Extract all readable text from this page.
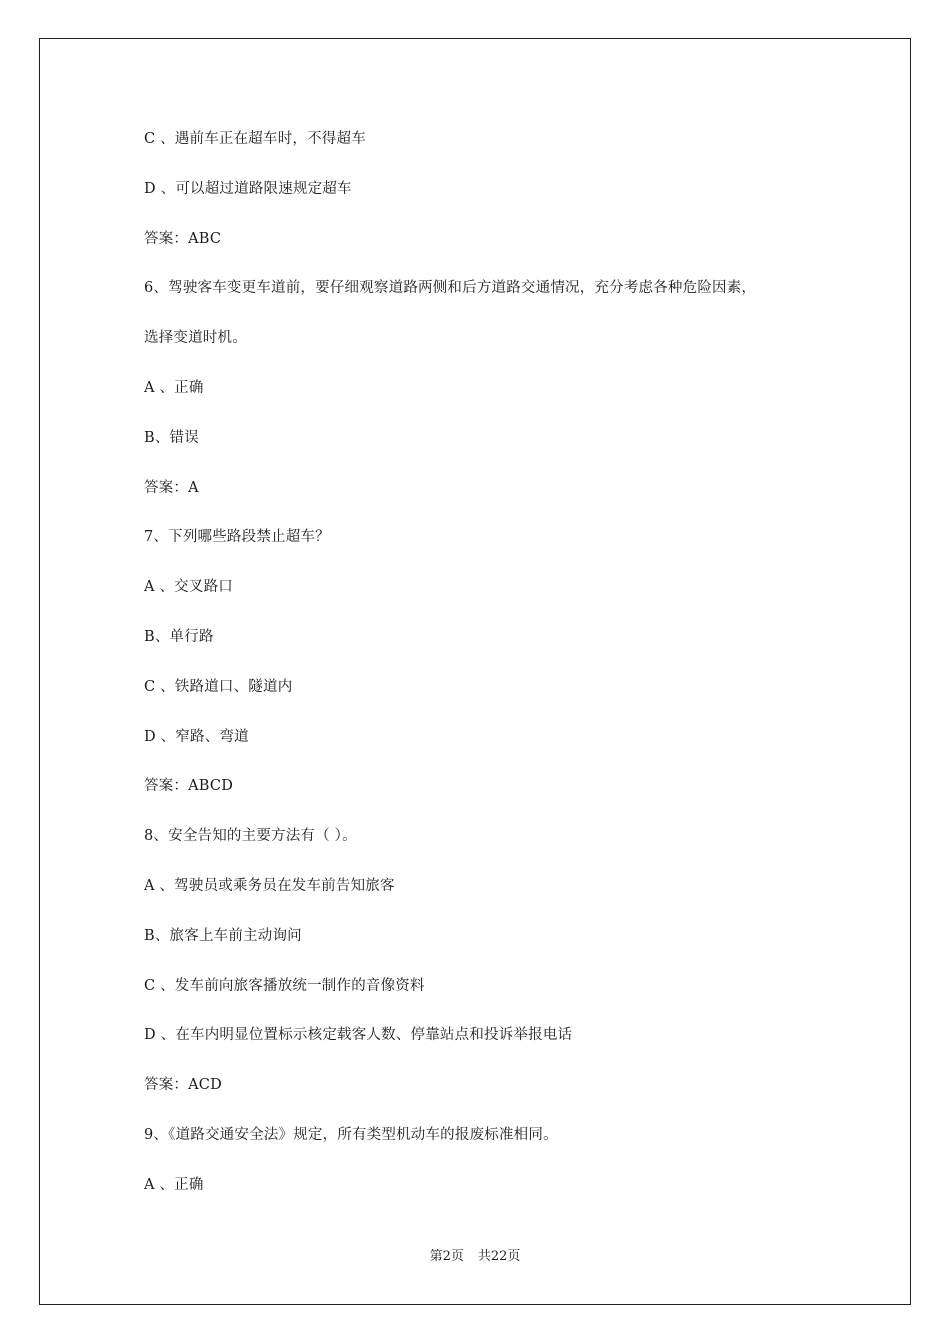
C 、遇前车正在超车时，不得超车
D 、可以超过道路限速规定超车
答案：ABC
6、驾驶客车变更车道前，要仔细观察道路两侧和后方道路交通情况，充分考虑各种危险因素，
选择变道时机。
A 、正确
B、错误
答案：A
7、下列哪些路段禁止超车？
A 、交叉路口
B、单行路
C 、铁路道口、隧道内
D 、窄路、弯道
答案：ABCD
8、安全告知的主要方法有（ ）。
A 、驾驶员或乘务员在发车前告知旅客
B、旅客上车前主动询问
C 、发车前向旅客播放统一制作的音像资料
D 、在车内明显位置标示核定载客人数、停靠站点和投诉举报电话
答案：ACD
9、《道路交通安全法》规定，所有类型机动车的报废标准相同。
A 、正确
第2页 共22页
